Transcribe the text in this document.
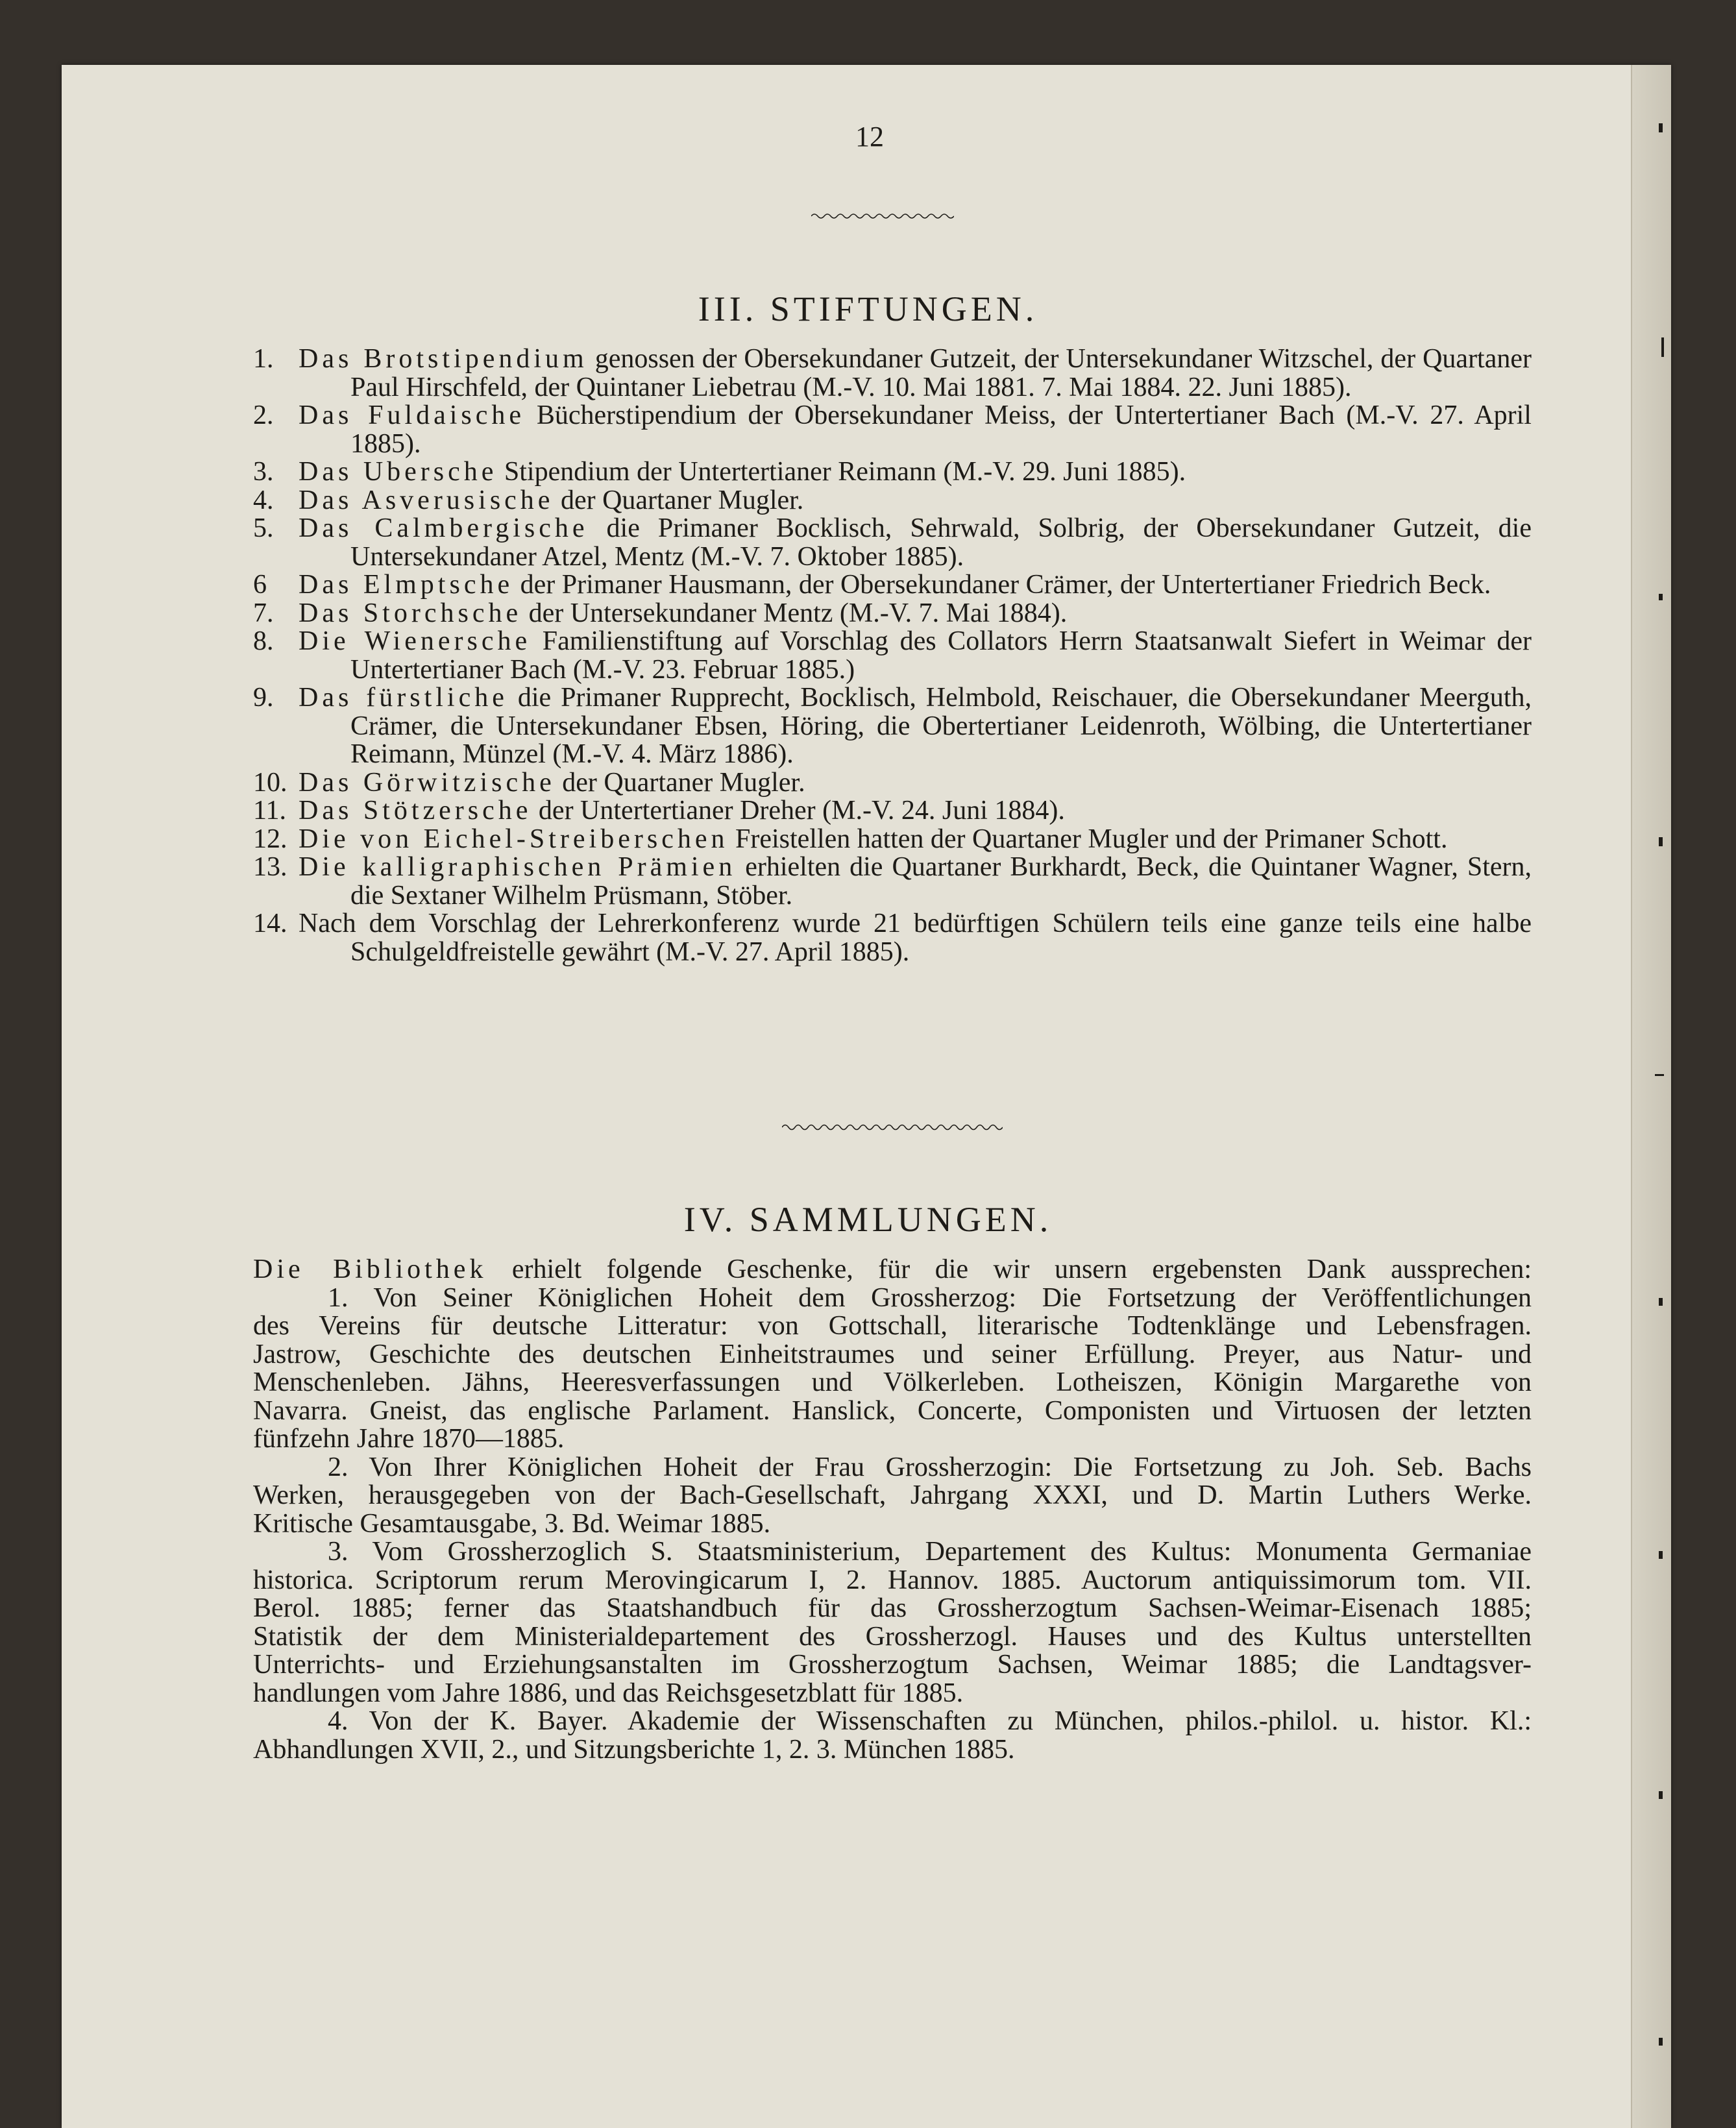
12
III. STIFTUNGEN.
1. Das Brotstipendium genossen der Obersekundaner Gutzeit, der Untersekundaner Witzschel, der Quartaner Paul Hirschfeld, der Quintaner Liebetrau (M.-V. 10. Mai 1881. 7. Mai 1884. 22. Juni 1885).
2. Das Fuldaische Bücherstipendium der Obersekundaner Meiss, der Untertertianer Bach (M.-V. 27. April 1885).
3. Das Ubersche Stipendium der Untertertianer Reimann (M.-V. 29. Juni 1885).
4. Das Asverusische der Quartaner Mugler.
5. Das Calmbergische die Primaner Bocklisch, Sehrwald, Solbrig, der Obersekundaner Gutzeit, die Untersekundaner Atzel, Mentz (M.-V. 7. Oktober 1885).
6	Das Elmptsche der Primaner Hausmann, der Obersekundaner Crämer, der Untertertianer Friedrich Beck.
7. Das Storchsche der Untersekundaner Mentz (M.-V. 7. Mai 1884).
8. Die Wienersche Familienstiftung auf Vorschlag des Collators Herrn Staatsanwalt Siefert in Weimar der Untertertianer Bach (M.-V. 23. Februar 1885.)
9. Das fürstliche die Primaner Rupprecht, Bocklisch, Helmbold, Reischauer, die Obersekundaner Meerguth, Crämer, die Untersekundaner Ebsen, Höring, die Obertertianer Leidenroth, Wölbing, die Untertertianer Reimann, Münzel (M.-V. 4. März 1886).
10. Das Görwitzische der Quartaner Mugler.
11. Das Stötzersche der Untertertianer Dreher (M.-V. 24. Juni 1884).
12. Die von Eichel-Streiberschen Freistellen hatten der Quartaner Mugler und der Primaner Schott.
13. Die kalligraphischen Prämien erhielten die Quartaner Burkhardt, Beck, die Quintaner Wagner, Stern, die Sextaner Wilhelm Prüsmann, Stöber.
14. Nach dem Vorschlag der Lehrerkonferenz wurde 21 bedürftigen Schülern teils eine ganze teils eine halbe Schulgeldfreistelle gewährt (M.-V. 27. April 1885).
IV. SAMMLUNGEN.

Die Bibliothek erhielt folgende Geschenke, für die wir unsern ergebensten Dank aussprechen:

1. Von Seiner Königlichen Hoheit dem Grossherzog: Die Fortsetzung der Veröffentlichungen

des Vereins für deutsche Litteratur: von Gottschall, literarische Todtenklänge und Lebensfragen.

Jastrow, Geschichte des deutschen Einheitstraumes und seiner Erfüllung. Preyer, aus Natur- und

Menschenleben. Jähns, Heeresverfassungen und Völkerleben. Lotheiszen, Königin Margarethe von

Navarra. Gneist, das englische Parlament. Hanslick, Concerte, Componisten und Virtuosen der letzten

fünfzehn Jahre 1870—1885.

2. Von Ihrer Königlichen Hoheit der Frau Grossherzogin: Die Fortsetzung zu Joh. Seb. Bachs

Werken, herausgegeben von der Bach-Gesellschaft, Jahrgang XXXI, und D. Martin Luthers Werke.

Kritische Gesamtausgabe, 3. Bd. Weimar 1885.

3. Vom Grossherzoglich S. Staatsministerium, Departement des Kultus: Monumenta Germaniae

historica. Scriptorum rerum Merovingicarum I, 2. Hannov. 1885. Auctorum antiquissimorum tom. VII.

Berol. 1885; ferner das Staatshandbuch für das Grossherzogtum Sachsen-Weimar-Eisenach 1885;

Statistik der dem Ministerialdepartement des Grossherzogl. Hauses und des Kultus unterstellten

Unterrichts- und Erziehungsanstalten im Grossherzogtum Sachsen, Weimar 1885; die Landtagsver-

handlungen vom Jahre 1886, und das Reichsgesetzblatt für 1885.

4. Von der K. Bayer. Akademie der Wissenschaften zu München, philos.-philol. u. histor. Kl.:

Abhandlungen XVII, 2., und Sitzungsberichte 1, 2. 3. München 1885.
